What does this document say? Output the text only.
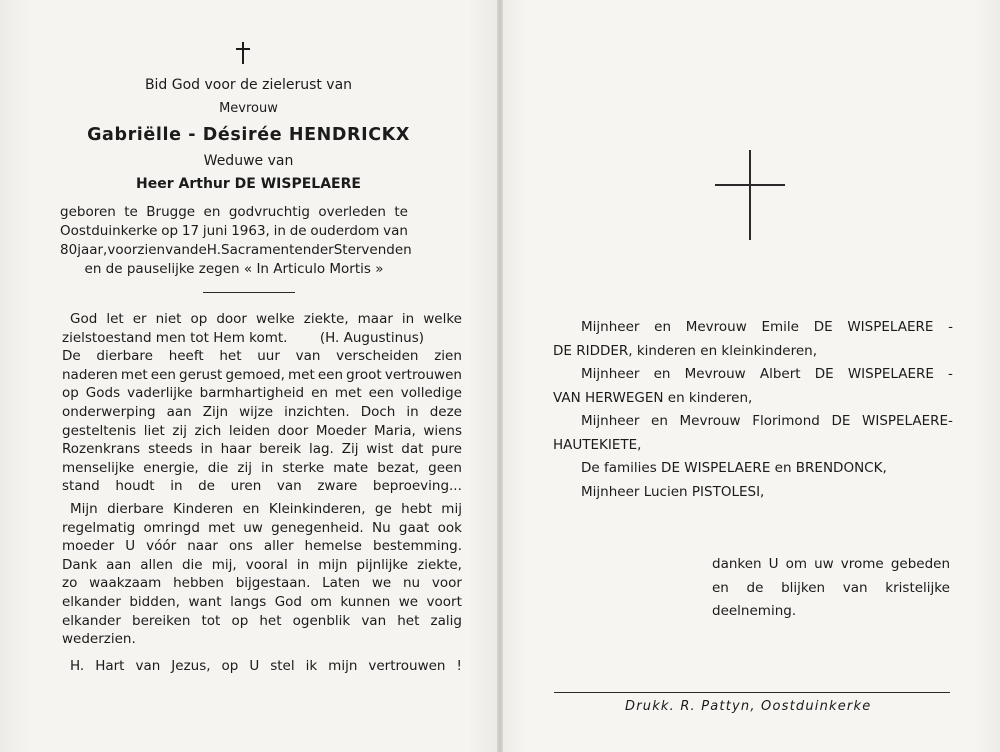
Bid God voor de zielerust van
Mevrouw
Gabriëlle - Désirée HENDRICKX
Weduwe van
Heer Arthur DE WISPELAERE
geboren te Brugge en godvruchtig overleden te
Oostduinkerke op 17 juni 1963, in de ouderdom van
80 jaar, voorzien van de H. Sacramenten der Stervenden
en de pauselijke zegen « In Articulo Mortis »
God let er niet op door welke ziekte, maar in welke
zielstoestand men tot Hem komt. (H. Augustinus)
De dierbare heeft het uur van verscheiden zien
naderen met een gerust gemoed, met een groot vertrouwen
op Gods vaderlijke barmhartigheid en met een volledige
onderwerping aan Zijn wijze inzichten. Doch in deze
gesteltenis liet zij zich leiden door Moeder Maria, wiens
Rozenkrans steeds in haar bereik lag. Zij wist dat pure
menselijke energie, die zij in sterke mate bezat, geen
stand houdt in de uren van zware beproeving...
Mijn dierbare Kinderen en Kleinkinderen, ge hebt mij
regelmatig omringd met uw genegenheid. Nu gaat ook
moeder U vóór naar ons aller hemelse bestemming.
Dank aan allen die mij, vooral in mijn pijnlijke ziekte,
zo waakzaam hebben bijgestaan. Laten we nu voor
elkander bidden, want langs God om kunnen we voort
elkander bereiken tot op het ogenblik van het zalig
wederzien.
H. Hart van Jezus, op U stel ik mijn vertrouwen !
Mijnheer en Mevrouw Emile DE WISPELAERE -
DE RIDDER, kinderen en kleinkinderen,
Mijnheer en Mevrouw Albert DE WISPELAERE -
VAN HERWEGEN en kinderen,
Mijnheer en Mevrouw Florimond DE WISPELAERE-
HAUTEKIETE,
De families DE WISPELAERE en BRENDONCK,
Mijnheer Lucien PISTOLESI,
danken U om uw vrome gebeden
en de blijken van kristelijke
deelneming.
Drukk. R. Pattyn, Oostduinkerke
